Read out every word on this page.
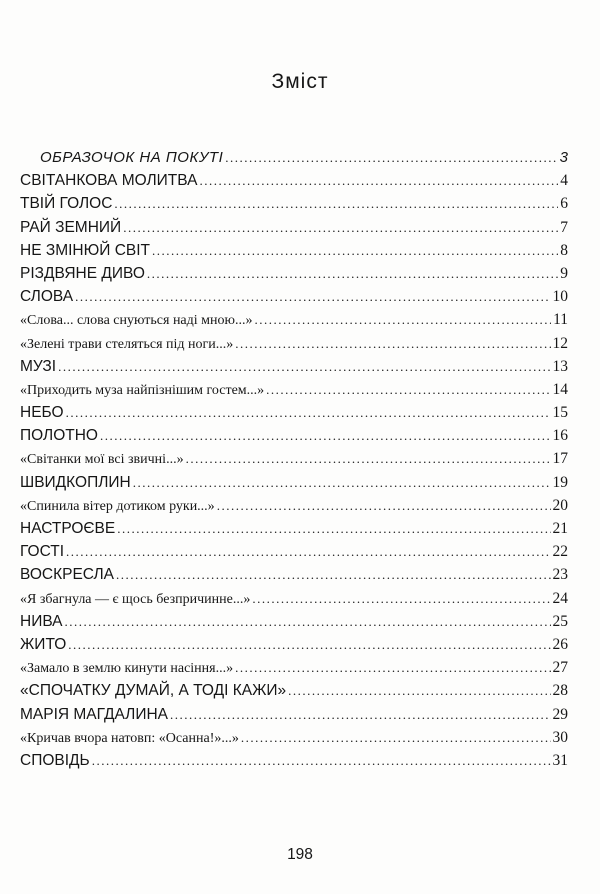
Зміст
ОБРАЗОЧОК НА ПОКУТІ .....	3
СВІТАНКОВА МОЛИТВА .....	4
ТВІЙ ГОЛОС .....	6
РАЙ ЗЕМНИЙ .....	7
НЕ ЗМІНЮЙ СВІТ .....	8
РІЗДВЯНЕ ДИВО .....	9
СЛОВА .....	10
«Слова... слова снуються наді мною...» .....	11
«Зелені трави стеляться під ноги...» .....	12
МУЗІ .....	13
«Приходить муза найпізнішим гостем...» .....	14
НЕБО .....	15
ПОЛОТНО .....	16
«Світанки мої всі звичні...» .....	17
ШВИДКОПЛИН .....	19
«Спинила вітер дотиком руки...» .....	20
НАСТРОЄВЕ .....	21
ГОСТІ .....	22
ВОСКРЕСЛА .....	23
«Я збагнула — є щось безпричинне...» .....	24
НИВА .....	25
ЖИТО .....	26
«Замало в землю кинути насіння...» .....	27
«СПОЧАТКУ ДУМАЙ, А ТОДІ КАЖИ» .....	28
МАРІЯ МАГДАЛИНА .....	29
«Кричав вчора натовп: «Осанна!»...» .....	30
СПОВІДЬ .....	31
198
